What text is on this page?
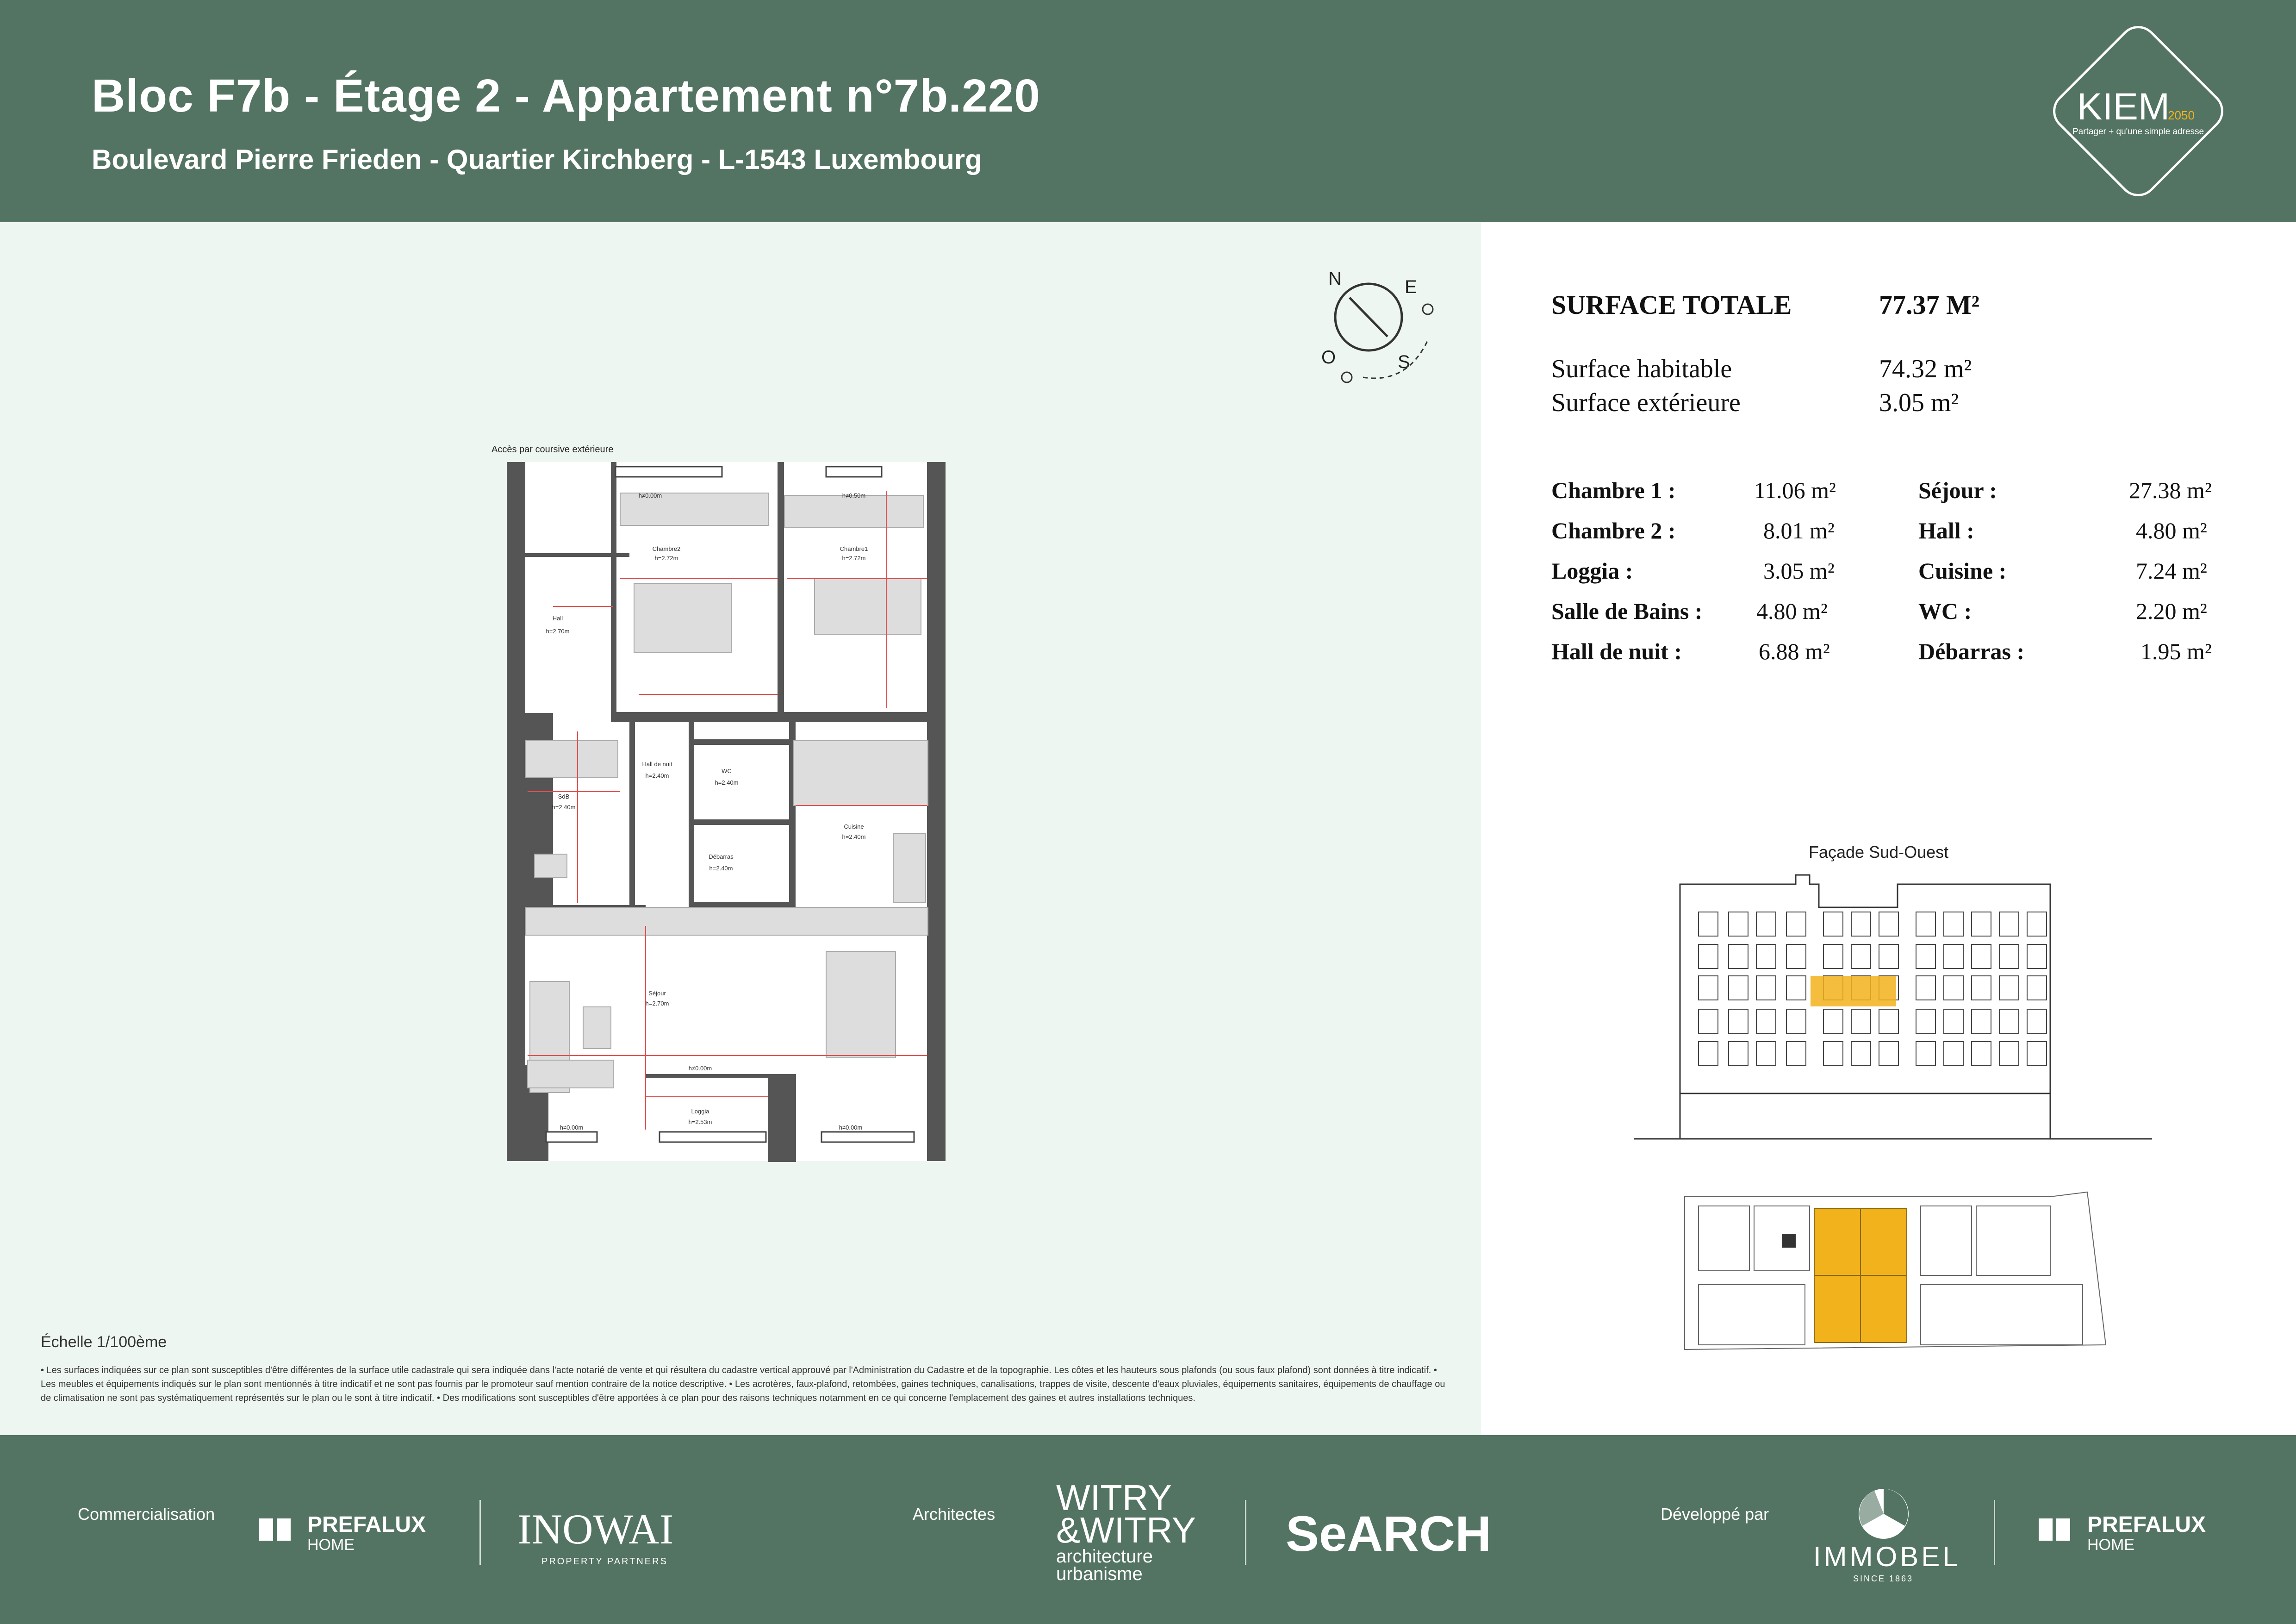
Bloc F7b - Étage 2 - Appartement n°7b.220
Boulevard Pierre Frieden - Quartier Kirchberg - L-1543 Luxembourg
KIEM
2050
Partager + qu'une simple adresse
N	E
O	S
Accès par coursive extérieure
Chambre2
h=2.72m
Chambre1
h=2.72m
Hall
h=2.70m
Hall de nuit
h=2.40m
SdB
h=2.40m
WC
h=2.40m
Débarras
h=2.40m
Cuisine
h=2.40m
Séjour
h=2.70m
Loggia
h=2.53m
h≠0.00m	h≠0.50m
h≠0.00m
h≠0.00m
h≠0.00m
Échelle 1/100ème
• Les surfaces indiquées sur ce plan sont susceptibles d'être différentes de la surface utile cadastrale qui sera indiquée dans l'acte notarié de vente et qui résultera du cadastre vertical approuvé par l'Administration du Cadastre et de la topographie. Les côtes et les hauteurs sous plafonds (ou sous faux plafond) sont données à titre indicatif. • Les meubles et équipements indiqués sur le plan sont mentionnés à titre indicatif et ne sont pas fournis par le promoteur sauf mention contraire de la notice descriptive. • Les acrotères, faux-plafond, retombées, gaines techniques, canalisations, trappes de visite, descente d'eaux pluviales, équipements sanitaires, équipements de chauffage ou de climatisation ne sont pas systématiquement représentés sur le plan ou le sont à titre indicatif. • Des modifications sont susceptibles d'être apportées à ce plan pour des raisons techniques notamment en ce qui concerne l'emplacement des gaines et autres installations techniques.
SURFACE TOTALE	77.37 M²
Surface habitable	74.32 m²
Surface extérieure	3.05 m²
Chambre 1 :	11.06 m²
Chambre 2 :	8.01 m²
Loggia :	3.05 m²
Salle de Bains : 4.80 m²
Hall de nuit :	6.88 m²
Séjour :	27.38 m²
Hall :	4.80 m²
Cuisine :	7.24 m²
WC :	2.20 m²
Débarras :	1.95 m²
Façade Sud-Ouest
Commercialisation	PREFALUX
HOME	INOWAI
PROPERTY PARTNERS
Architectes WITRY
&WITRY
architecture
urbanisme
SeARCH	Développé par
IMMOBEL
SINCE 1863
PREFALUX
HOME
